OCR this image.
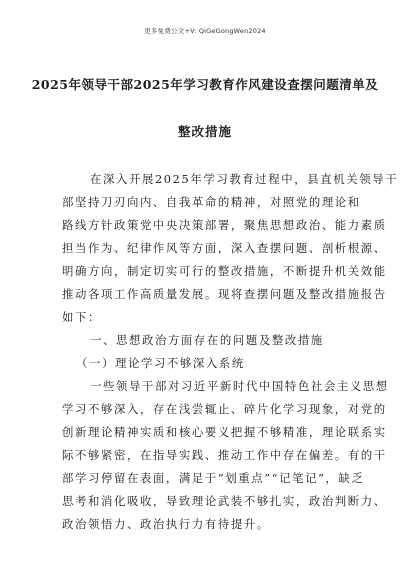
更多免费公文+V: QiGeGongWen2024
2025年领导干部2025年学习教育作风建设查摆问题清单及
整改措施
在深入开展2025年学习教育过程中，县直机关领导干
部坚持刀刃向内、自我革命的精神，对照党的理论和
路线方针政策党中央决策部署，聚焦思想政治、能力素质
担当作为、纪律作风等方面，深入查摆问题、剖析根源、
明确方向，制定切实可行的整改措施，不断提升机关效能
推动各项工作高质量发展。现将查摆问题及整改措施报告
如下：
一、思想政治方面存在的问题及整改措施
（一）理论学习不够深入系统
一些领导干部对习近平新时代中国特色社会主义思想
学习不够深入，存在浅尝辄止、碎片化学习现象，对党的
创新理论精神实质和核心要义把握不够精准，理论联系实
际不够紧密，在指导实践、推动工作中存在偏差。有的干
部学习停留在表面，满足于”划重点”“记笔记”，缺乏
思考和消化吸收，导致理论武装不够扎实，政治判断力、
政治领悟力、政治执行力有待提升。
